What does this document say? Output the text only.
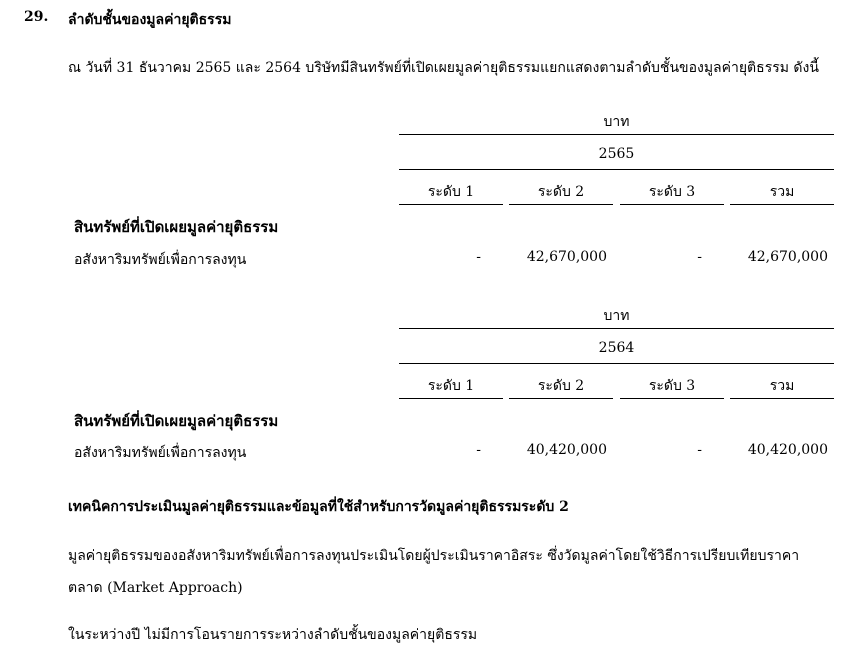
29. ลำดับชั้นของมูลค่ายุติธรรม
ณ วันที่ 31 ธันวาคม 2565 และ 2564 บริษัทมีสินทรัพย์ที่เปิดเผยมูลค่ายุติธรรมแยกแสดงตามลำดับชั้นของมูลค่ายุติธรรม ดังนี้
บาท
2565
ระดับ 1	ระดับ 2	ระดับ 3	รวม
สินทรัพย์ที่เปิดเผยมูลค่ายุติธรรม
อสังหาริมทรัพย์เพื่อการลงทุน	-	42,670,000	-	42,670,000
บาท
2564
ระดับ 1	ระดับ 2	ระดับ 3	รวม
สินทรัพย์ที่เปิดเผยมูลค่ายุติธรรม
อสังหาริมทรัพย์เพื่อการลงทุน	-	40,420,000	-	40,420,000
เทคนิคการประเมินมูลค่ายุติธรรมและข้อมูลที่ใช้สำหรับการวัดมูลค่ายุติธรรมระดับ 2
มูลค่ายุติธรรมของอสังหาริมทรัพย์เพื่อการลงทุนประเมินโดยผู้ประเมินราคาอิสระ ซึ่งวัดมูลค่าโดยใช้วิธีการเปรียบเทียบราคา
ตลาด (Market Approach)
ในระหว่างปี ไม่มีการโอนรายการระหว่างลำดับชั้นของมูลค่ายุติธรรม
